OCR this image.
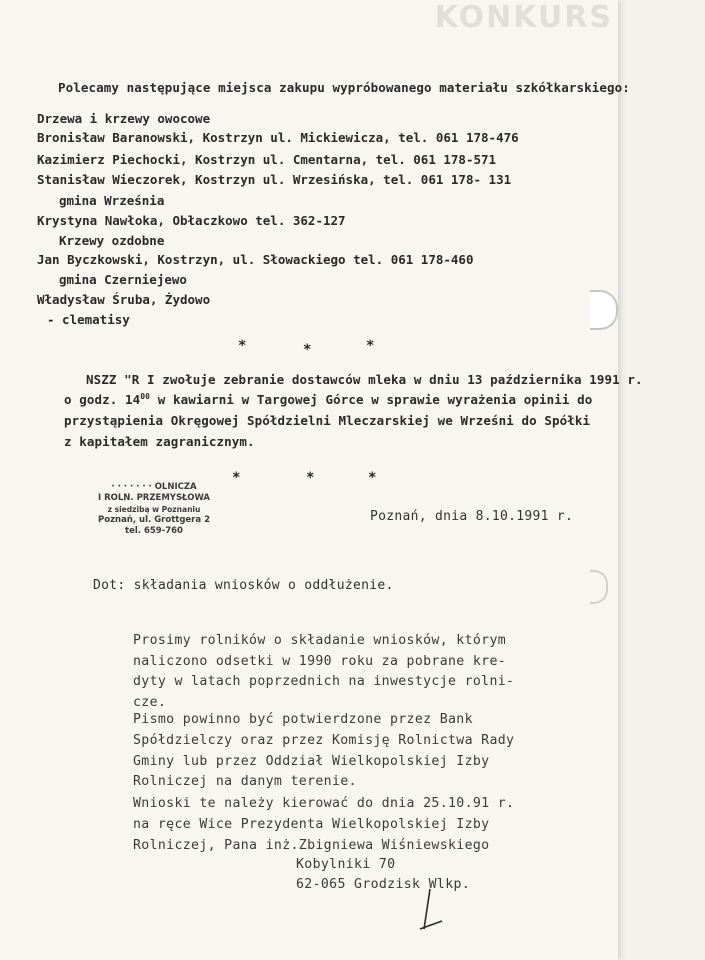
KONKURS
Polecamy następujące miejsca zakupu wypróbowanego materiału szkółkarskiego:
Drzewa i krzewy owocowe
Bronisław Baranowski, Kostrzyn ul. Mickiewicza, tel. 061 178-476
Kazimierz Piechocki, Kostrzyn ul. Cmentarna, tel. 061 178-571
Stanisław Wieczorek, Kostrzyn ul. Wrzesińska, tel. 061 178- 131
gmina Września
Krystyna Nawłoka, Obłaczkowo tel. 362-127
Krzewy ozdobne
Jan Byczkowski, Kostrzyn, ul. Słowackiego tel. 061 178-460
gmina Czerniejewo
Władysław Śruba, Żydowo
- clematisy
*	*	*
NSZZ "R I zwołuje zebranie dostawców mleka w dniu 13 października 1991 r.
o godz. $14^{00}$ w kawiarni w Targowej Górce w sprawie wyrażenia opinii do
przystąpienia Okręgowej Spółdzielni Mleczarskiej we Wrześni do Spółki
z kapitałem zagranicznym.
*	*	*
· · · · · · · OLNICZA
I ROLN. PRZEMYSŁOWA
z siedzibą w Poznaniu
Poznań, ul. Grottgera 2
tel. 659-760
Poznań, dnia 8.10.1991 r.
Dot: składania wniosków o oddłużenie.
Prosimy rolników o składanie wniosków, którym
naliczono odsetki w 1990 roku za pobrane kre-
dyty w latach poprzednich na inwestycje rolni-
cze.
Pismo powinno być potwierdzone przez Bank
Spółdzielczy oraz przez Komisję Rolnictwa Rady
Gminy lub przez Oddział Wielkopolskiej Izby
Rolniczej na danym terenie.
Wnioski te należy kierować do dnia 25.10.91 r.
na ręce Wice Prezydenta Wielkopolskiej Izby
Rolniczej, Pana inż.Zbigniewa Wiśniewskiego
Kobylniki 70
62-065 Grodzisk Wlkp.
